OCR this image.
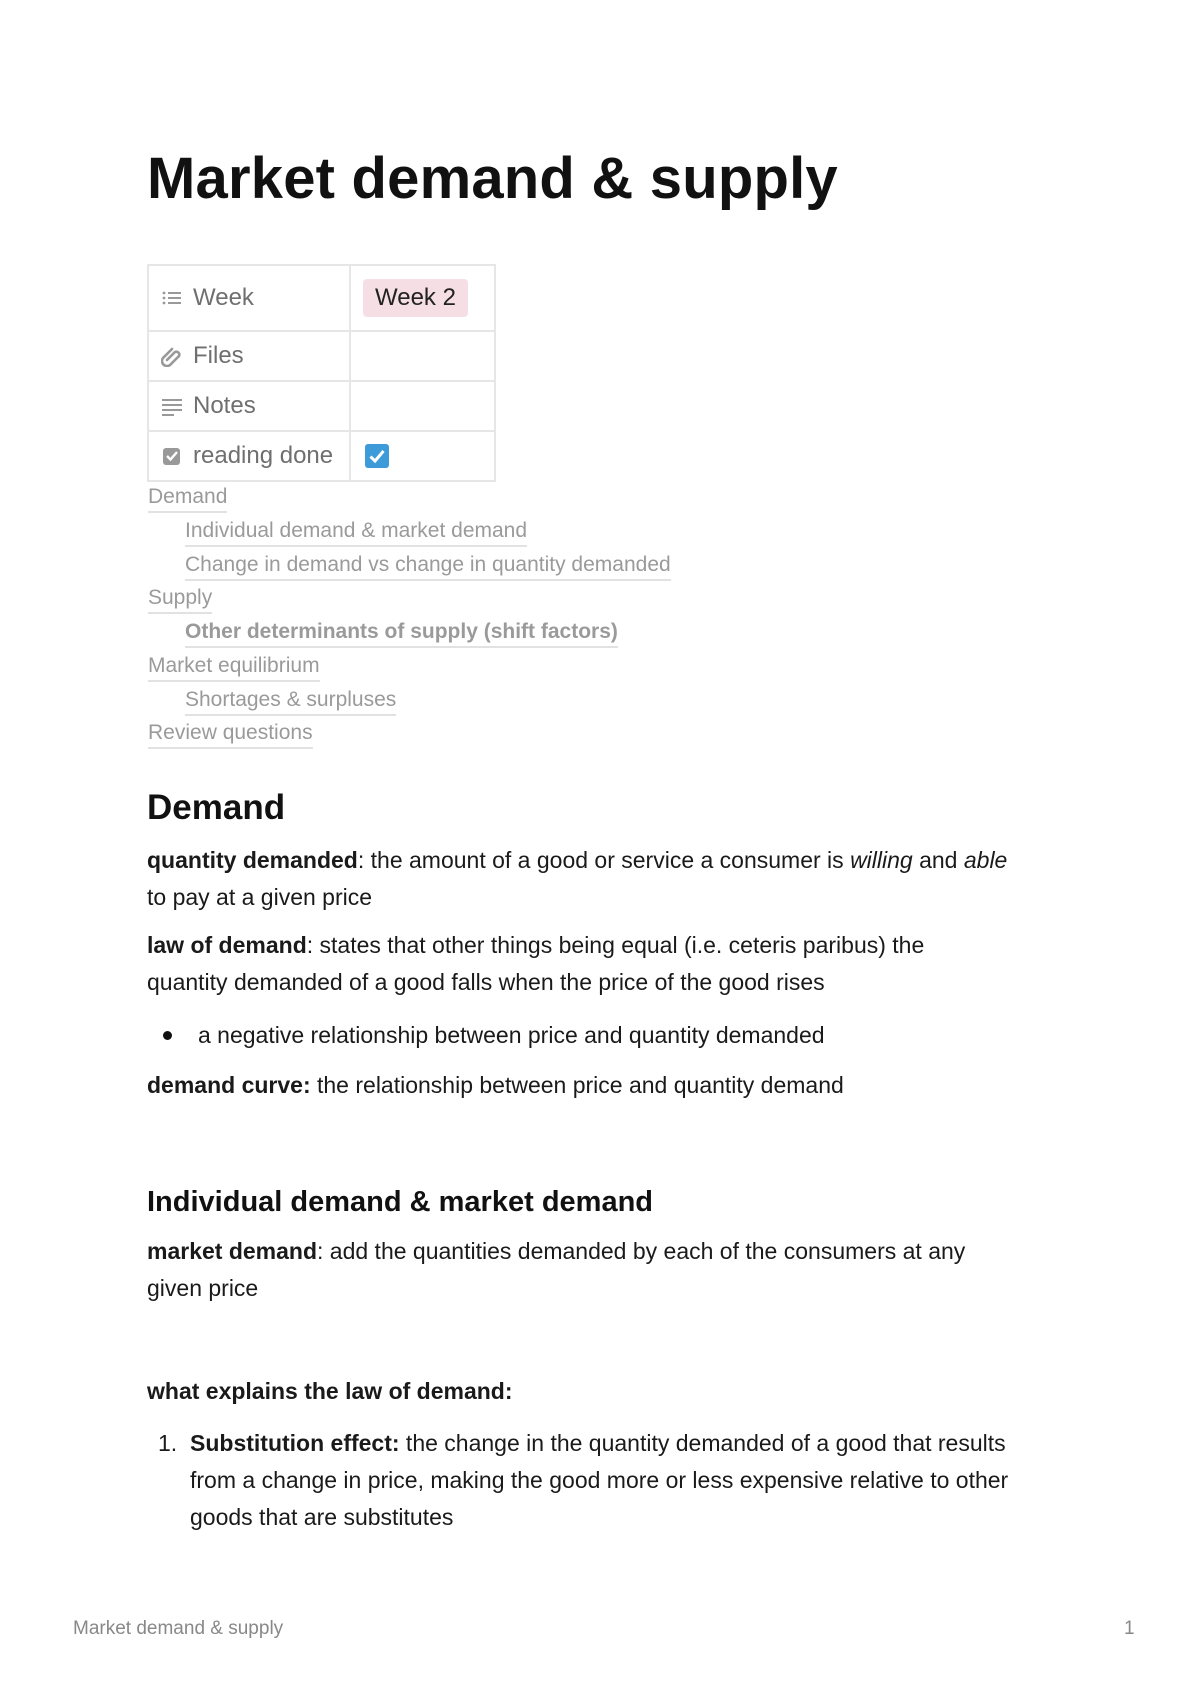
Market demand & supply
Week	Week 2

Files	

Notes	

reading done

Demand
Individual demand & market demand
Change in demand vs change in quantity demanded
Supply
Other determinants of supply (shift factors)
Market equilibrium
Shortages & surpluses
Review questions
Demand
quantity demanded: the amount of a good or service a consumer is willing and able
to pay at a given price
law of demand: states that other things being equal (i.e. ceteris paribus) the
quantity demanded of a good falls when the price of the good rises
a negative relationship between price and quantity demanded
demand curve: the relationship between price and quantity demand
Individual demand & market demand
market demand: add the quantities demanded by each of the consumers at any
given price
what explains the law of demand:
1. Substitution effect: the change in the quantity demanded of a good that results
from a change in price, making the good more or less expensive relative to other
goods that are substitutes
Market demand & supply	1
